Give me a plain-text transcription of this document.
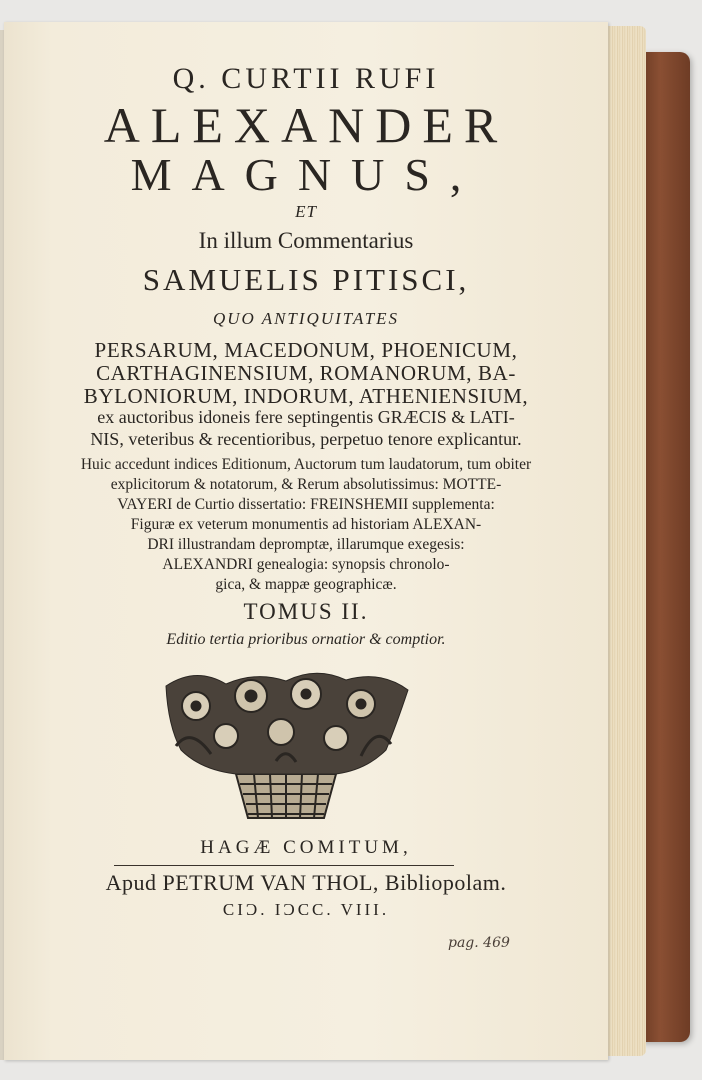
Q. CURTII RUFI
ALEXANDER
MAGNUS,
ET
In illum Commentarius
SAMUELIS PITISCI,
QUO ANTIQUITATES
PERSARUM, MACEDONUM, PHOENICUM,
CARTHAGINENSIUM, ROMANORUM, BA-
BYLONIORUM, INDORUM, ATHENIENSIUM,
ex auctoribus idoneis fere septingentis GRÆCIS & LATI-
NIS, veteribus & recentioribus, perpetuo tenore explicantur.
Huic accedunt indices Editionum, Auctorum tum laudatorum, tum obiter
explicitorum & notatorum, & Rerum absolutissimus: MOTTE-
VAYERI de Curtio dissertatio: FREINSHEMII supplementa:
Figuræ ex veterum monumentis ad historiam ALEXAN-
DRI illustrandam depromptæ, illarumque exegesis:
ALEXANDRI genealogia: synopsis chronolo-
gica, & mappæ geographicæ.
TOMUS II.
Editio tertia prioribus ornatior & comptior.
HAGÆ COMITUM,
Apud PETRUM VAN THOL, Bibliopolam.
CIƆ. IƆCC. VIII.
pag. 469
